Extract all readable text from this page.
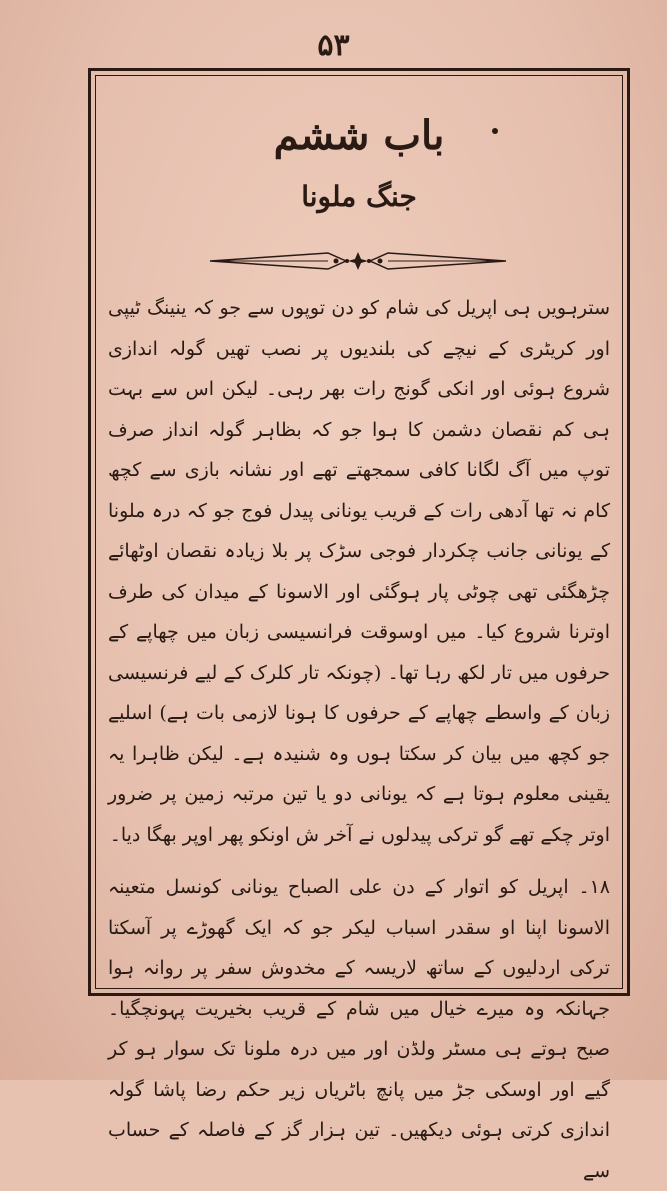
۵۳
باب ششم
جنگ ملونا

سترہویں ہی اپریل کی شام کو دن توپوں سے جو کہ ینینگ ٹیپی اور کریٹری کے نیچے کی بلندیوں پر نصب تھیں گولہ اندازی شروع ہوئی اور انکی گونج رات بھر رہی۔ لیکن اس سے بہت ہی کم نقصان دشمن کا ہوا جو کہ بظاہر گولہ انداز صرف توپ میں آگ لگانا کافی سمجھتے تھے اور نشانہ بازی سے کچھ کام نہ تھا آدھی رات کے قریب یونانی پیدل فوج جو کہ درہ ملونا کے یونانی جانب چکردار فوجی سڑک پر بلا زیادہ نقصان اوٹھائے چڑھگئی تھی چوٹی پار ہوگئی اور الاسونا کے میدان کی طرف اوترنا شروع کیا۔ میں اوسوقت فرانسیسی زبان میں چھاپے کے حرفوں میں تار لکھ رہا تھا۔ (چونکہ تار کلرک کے لیے فرنسیسی زبان کے واسطے چھاپے کے حرفوں کا ہونا لازمی بات ہے) اسلیے جو کچھ میں بیان کر سکتا ہوں وہ شنیدہ ہے۔ لیکن ظاہرا یہ یقینی معلوم ہوتا ہے کہ یونانی دو یا تین مرتبہ زمین پر ضرور اوتر چکے تھے گو ترکی پیدلوں نے آخر ش اونکو پھر اوپر بھگا دیا۔

۱۸۔ اپریل کو اتوار کے دن علی الصباح یونانی کونسل متعینہ الاسونا اپنا او سقدر اسباب لیکر جو کہ ایک گھوڑے پر آسکتا ترکی اردلیوں کے ساتھ لاریسہ کے مخدوش سفر پر روانہ ہوا جہانکہ وہ میرے خیال میں شام کے قریب بخیریت پہونچگیا۔ صبح ہوتے ہی مسٹر ولڈن اور میں درہ ملونا تک سوار ہو کر گیے اور اوسکی جڑ میں پانچ باٹریاں زیر حکم رضا پاشا گولہ اندازی کرتی ہوئی دیکھیں۔ تین ہزار گز کے فاصلہ کے حساب سے
